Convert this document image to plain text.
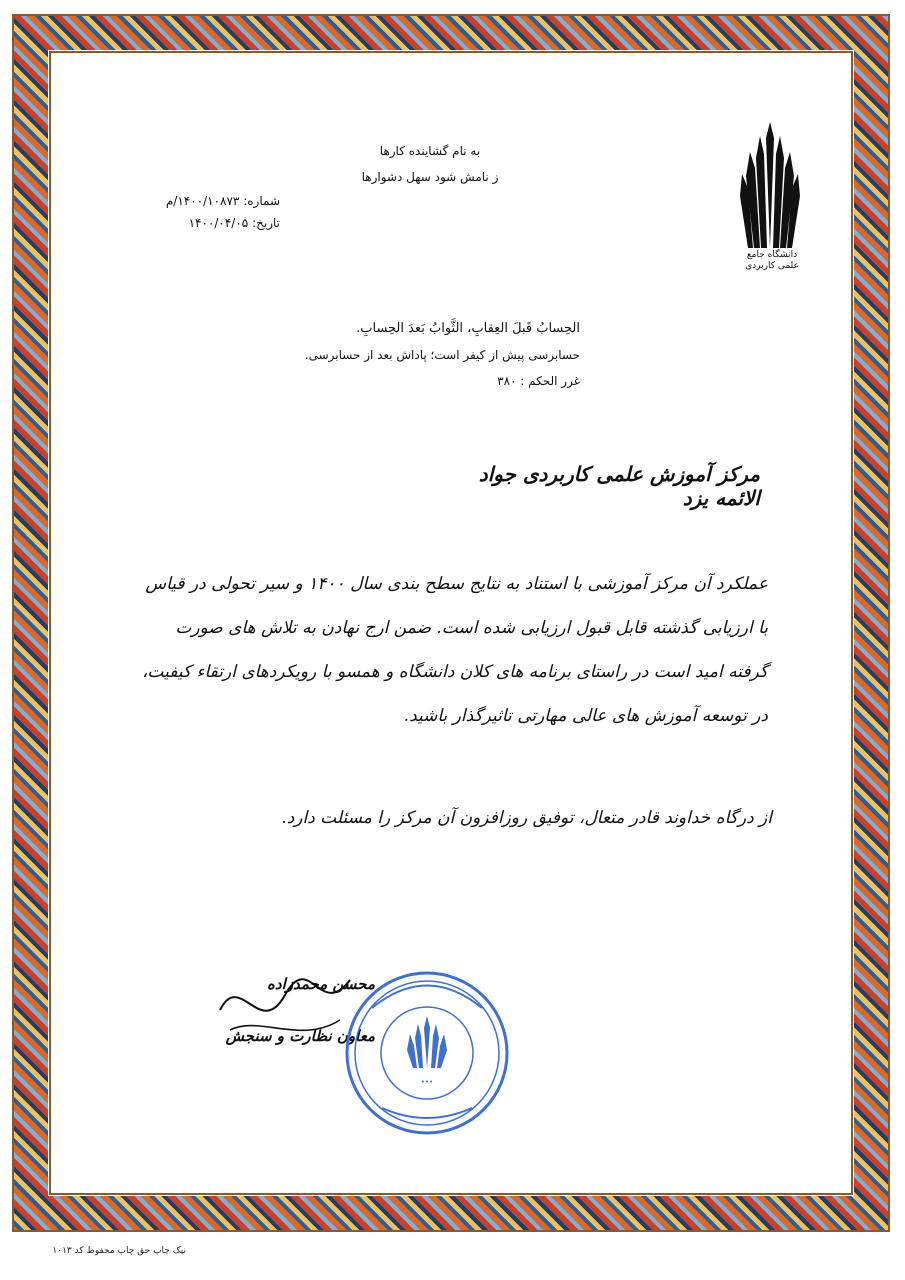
دانشگاه جامع علمی کاربردی
به نام گشاینده کارها
ز نامش شود سهل دشوارها
شماره: ۱۴۰۰/۱۰۸۷۳/م
تاریخ: ۱۴۰۰/۰۴/۰۵
الحِسابُ قَبلَ العِقابِ، الثَّوابُ بَعدَ الحِسابِ.
حسابرسی پیش از کیفر است؛ پاداش بعد از حسابرسی.
غرر الحکم : ۳۸۰
مرکز آموزش علمی کاربردی جواد الائمه یزد
عملکرد آن مرکز آموزشی با استناد به نتایج سطح بندی سال ۱۴۰۰ و سیر تحولی در قیاس با ارزیابی گذشته قابل قبول ارزیابی شده است. ضمن ارج نهادن به تلاش های صورت گرفته امید است در راستای برنامه های کلان دانشگاه و همسو با رویکردهای ارتقاء کیفیت، در توسعه آموزش های عالی مهارتی تاثیرگذار باشید.
از درگاه خداوند قادر متعال، توفیق روزافزون آن مرکز را مسئلت دارد.
محسن محمدزاده
معاون نظارت و سنجش
•••
نیک چاپ حق چاپ محفوظ کد ۱۰۱۳
